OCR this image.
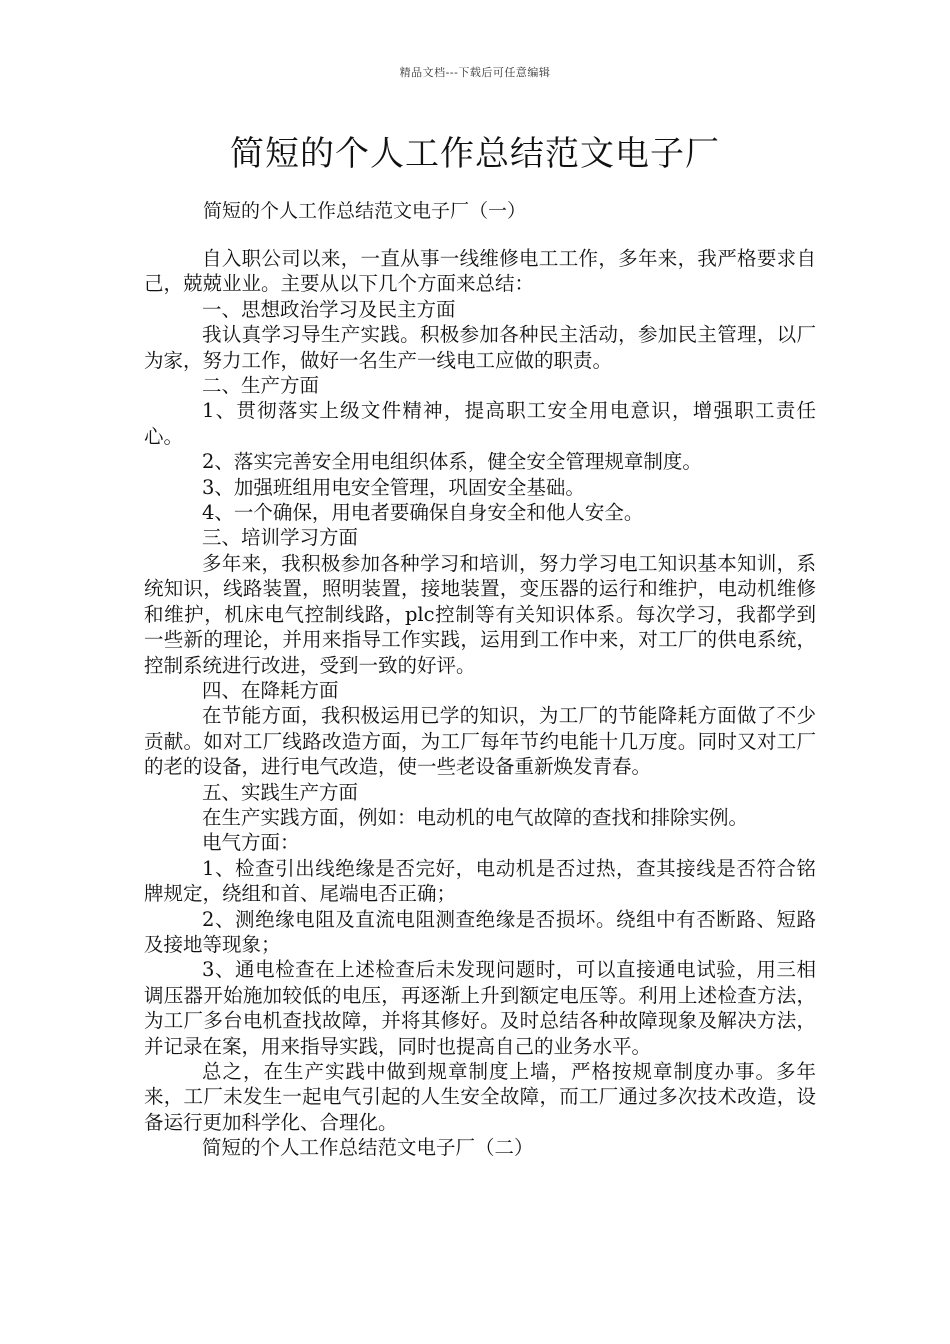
精品文档---下载后可任意编辑
简短的个人工作总结范文电子厂
简短的个人工作总结范文电子厂（一）

自入职公司以来，一直从事一线维修电工工作，多年来，我严格要求自己，兢兢业业。主要从以下几个方面来总结：

一、思想政治学习及民主方面

我认真学习导生产实践。积极参加各种民主活动，参加民主管理，以厂为家，努力工作，做好一名生产一线电工应做的职责。

二、生产方面

1、贯彻落实上级文件精神，提高职工安全用电意识，增强职工责任心。

2、落实完善安全用电组织体系，健全安全管理规章制度。

3、加强班组用电安全管理，巩固安全基础。

4、一个确保，用电者要确保自身安全和他人安全。

三、培训学习方面

多年来，我积极参加各种学习和培训，努力学习电工知识基本知训，系统知识，线路装置，照明装置，接地装置，变压器的运行和维护，电动机维修和维护，机床电气控制线路，plc控制等有关知识体系。每次学习，我都学到一些新的理论，并用来指导工作实践，运用到工作中来，对工厂的供电系统，控制系统进行改进，受到一致的好评。

四、在降耗方面

在节能方面，我积极运用已学的知识，为工厂的节能降耗方面做了不少贡献。如对工厂线路改造方面，为工厂每年节约电能十几万度。同时又对工厂的老的设备，进行电气改造，使一些老设备重新焕发青春。

五、实践生产方面

在生产实践方面，例如：电动机的电气故障的查找和排除实例。

电气方面：

1、检查引出线绝缘是否完好，电动机是否过热，查其接线是否符合铭牌规定，绕组和首、尾端电否正确；

2、测绝缘电阻及直流电阻测查绝缘是否损坏。绕组中有否断路、短路及接地等现象；

3、通电检查在上述检查后未发现问题时，可以直接通电试验，用三相调压器开始施加较低的电压，再逐渐上升到额定电压等。利用上述检查方法，为工厂多台电机查找故障，并将其修好。及时总结各种故障现象及解决方法，并记录在案，用来指导实践，同时也提高自己的业务水平。

总之，在生产实践中做到规章制度上墙，严格按规章制度办事。多年来，工厂未发生一起电气引起的人生安全故障，而工厂通过多次技术改造，设备运行更加科学化、合理化。

简短的个人工作总结范文电子厂（二）
